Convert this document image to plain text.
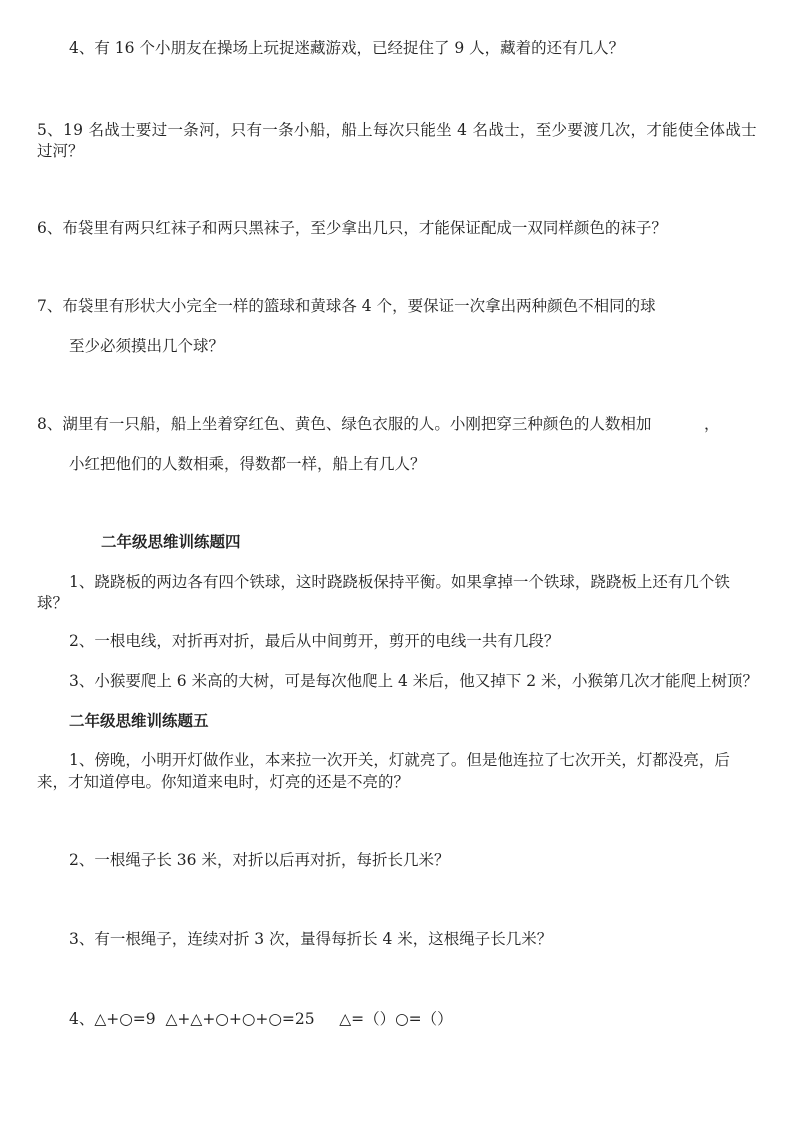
4、有 16 个小朋友在操场上玩捉迷藏游戏，已经捉住了 9 人，藏着的还有几人？
5、19 名战士要过一条河，只有一条小船，船上每次只能坐 4 名战士，至少要渡几次，才能使全体战士
过河？
6、布袋里有两只红袜子和两只黑袜子，至少拿出几只，才能保证配成一双同样颜色的袜子？
7、布袋里有形状大小完全一样的篮球和黄球各 4 个，要保证一次拿出两种颜色不相同的球
至少必须摸出几个球？
8、湖里有一只船，船上坐着穿红色、黄色、绿色衣服的人。小刚把穿三种颜色的人数相加	，
小红把他们的人数相乘，得数都一样，船上有几人？
二年级思维训练题四
1、跷跷板的两边各有四个铁球，这时跷跷板保持平衡。如果拿掉一个铁球，跷跷板上还有几个铁
球？
2、一根电线，对折再对折，最后从中间剪开，剪开的电线一共有几段？
3、小猴要爬上 6 米高的大树，可是每次他爬上 4 米后，他又掉下 2 米，小猴第几次才能爬上树顶？
二年级思维训练题五
1、傍晚，小明开灯做作业，本来拉一次开关，灯就亮了。但是他连拉了七次开关，灯都没亮，后
来，才知道停电。你知道来电时，灯亮的还是不亮的？
2、一根绳子长 36 米，对折以后再对折，每折长几米？
3、有一根绳子，连续对折 3 次，量得每折长 4 米，这根绳子长几米？
4、△+○=9  △+△+○+○+○=25     △=（）○=（）
